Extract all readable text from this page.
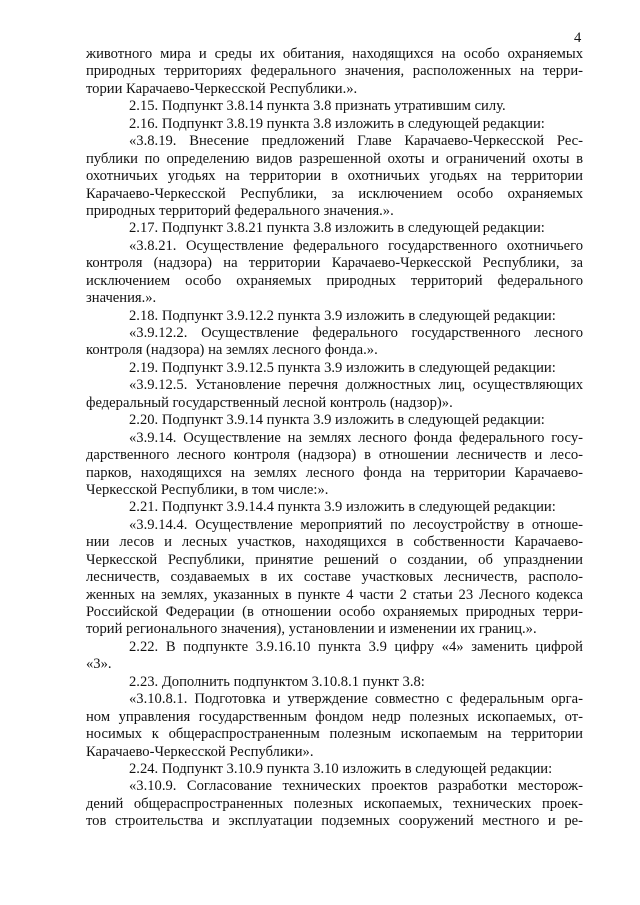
4
животного мира и среды их обитания, находящихся на особо охраняемых
природных территориях федерального значения, расположенных на терри-
тории Карачаево-Черкесской Республики.».
2.15. Подпункт 3.8.14 пункта 3.8 признать утратившим силу.
2.16. Подпункт 3.8.19 пункта 3.8 изложить в следующей редакции:
«3.8.19. Внесение предложений Главе Карачаево-Черкесской Рес-
публики по определению видов разрешенной охоты и ограничений охоты в
охотничьих угодьях на территории в охотничьих угодьях на территории
Карачаево-Черкесской Республики, за исключением особо охраняемых
природных территорий федерального значения.».
2.17. Подпункт 3.8.21 пункта 3.8 изложить в следующей редакции:
«3.8.21. Осуществление федерального государственного охотничьего
контроля (надзора) на территории Карачаево-Черкесской Республики, за
исключением особо охраняемых природных территорий федерального
значения.».
2.18. Подпункт 3.9.12.2 пункта 3.9 изложить в следующей редакции:
«3.9.12.2. Осуществление федерального государственного лесного
контроля (надзора) на землях лесного фонда.».
2.19. Подпункт 3.9.12.5 пункта 3.9 изложить в следующей редакции:
«3.9.12.5. Установление перечня должностных лиц, осуществляющих
федеральный государственный лесной контроль (надзор)».
2.20. Подпункт 3.9.14 пункта 3.9 изложить в следующей редакции:
«3.9.14. Осуществление на землях лесного фонда федерального госу-
дарственного лесного контроля (надзора) в отношении лесничеств и лесо-
парков, находящихся на землях лесного фонда на территории Карачаево-
Черкесской Республики, в том числе:».
2.21. Подпункт 3.9.14.4 пункта 3.9 изложить в следующей редакции:
«3.9.14.4. Осуществление мероприятий по лесоустройству в отноше-
нии лесов и лесных участков, находящихся в собственности Карачаево-
Черкесской Республики, принятие решений о создании, об упразднении
лесничеств, создаваемых в их составе участковых лесничеств, располо-
женных на землях, указанных в пункте 4 части 2 статьи 23 Лесного кодекса
Российской Федерации (в отношении особо охраняемых природных терри-
торий регионального значения), установлении и изменении их границ.».
2.22. В подпункте 3.9.16.10 пункта 3.9 цифру «4» заменить цифрой
«3».
2.23. Дополнить подпунктом 3.10.8.1 пункт 3.8:
«3.10.8.1. Подготовка и утверждение совместно с федеральным орга-
ном управления государственным фондом недр полезных ископаемых, от-
носимых к общераспространенным полезным ископаемым на территории
Карачаево-Черкесской Республики».
2.24. Подпункт 3.10.9 пункта 3.10 изложить в следующей редакции:
«3.10.9. Согласование технических проектов разработки месторож-
дений общераспространенных полезных ископаемых, технических проек-
тов строительства и эксплуатации подземных сооружений местного и ре-
